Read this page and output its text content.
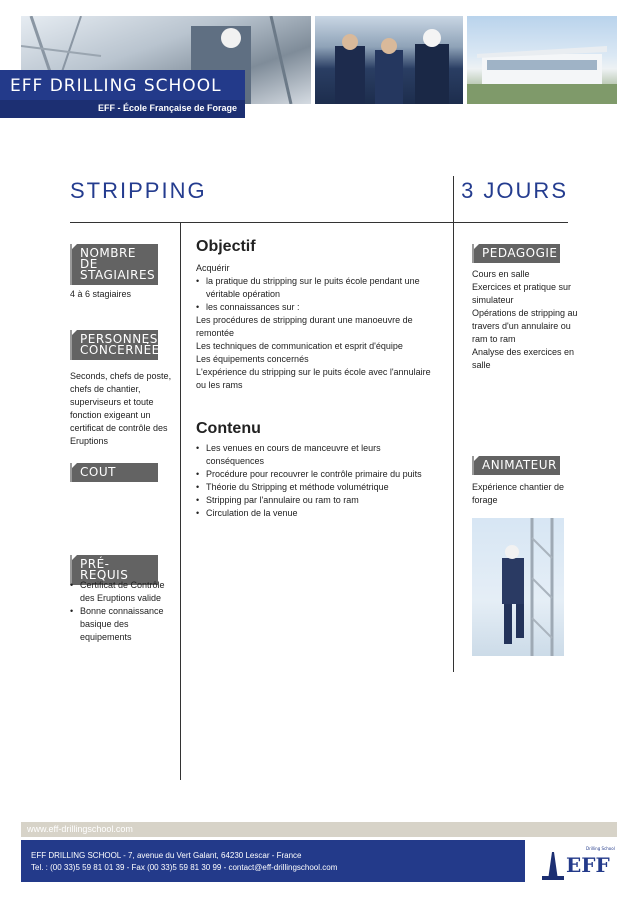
EFF DRILLING SCHOOL
EFF - École Française de Forage
STRIPPING	3 JOURS
NOMBRE DE
STAGIAIRES
4 à 6 stagiaires
PERSONNES
CONCERNÉES
Seconds, chefs de poste, chefs de chantier, superviseurs et toute fonction exigeant un certificat de contrôle des Eruptions
COUT
PRÉ-REQUIS
• Certificat de Contrôle des Eruptions valide
• Bonne connaissance basique des equipements
Objectif
Acquérir
• la pratique du stripping sur le puits école pendant une véritable opération
• les connaissances sur :
Les procédures de stripping durant une manoeuvre de remontée
Les techniques de communication et esprit d'équipe
Les équipements concernés
L'expérience du stripping sur le puits école avec l'annulaire ou les rams
Contenu
• Les venues en cours de manceuvre et leurs conséquences
• Procédure pour recouvrer le contrôle primaire du puits
• Théorie du Stripping et méthode volumétrique
• Stripping par l'annulaire ou ram to ram
• Circulation de la venue
PEDAGOGIE
Cours en salle
Exercices et pratique sur simulateur
Opérations de stripping au travers d'un annulaire ou ram to ram
Analyse des exercices en salle
ANIMATEUR
Expérience chantier de forage
www.eff-drillingschool.com
EFF DRILLING SCHOOL - 7, avenue du Vert Galant, 64230 Lescar - France
Tel. : (00 33)5 59 81 01 39 - Fax (00 33)5 59 81 30 99 - contact@eff-drillingschool.com	EFF
Drilling School
